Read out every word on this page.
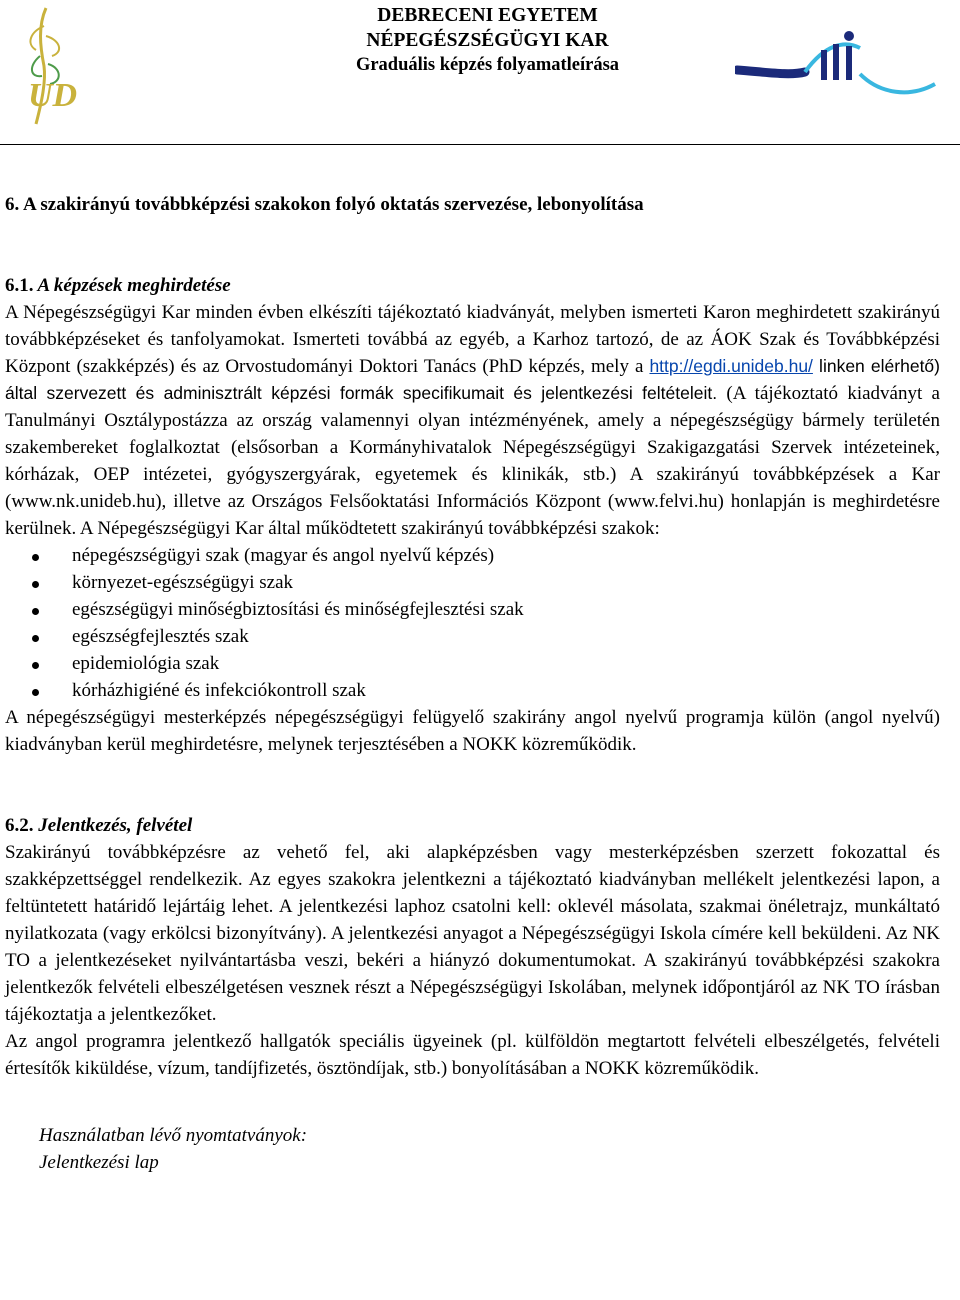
UD
DEBRECENI EGYETEM
NÉPEGÉSZSÉGÜGYI KAR
Graduális képzés folyamatleírása

6. A szakirányú továbbképzési szakokon folyó oktatás szervezése, lebonyolítása

6.1. A képzések meghirdetése

A Népegészségügyi Kar minden évben elkészíti tájékoztató kiadványát, melyben ismerteti Karon meghirdetett szakirányú továbbképzéseket és tanfolyamokat. Ismerteti továbbá az egyéb, a Karhoz tartozó, de az ÁOK Szak és Továbbképzési Központ (szakképzés) és az Orvostudományi Doktori Tanács (PhD képzés, mely a http://egdi.unideb.hu/ linken elérhető) által szervezett és adminisztrált képzési formák specifikumait és jelentkezési feltételeit. (A tájékoztató kiadványt a Tanulmányi Osztálypostázza az ország valamennyi olyan intézményének, amely a népegészségügy bármely területén szakembereket foglalkoztat (elsősorban a Kormányhivatalok Népegészségügyi Szakigazgatási Szervek intézeteinek, kórházak, OEP intézetei, gyógyszergyárak, egyetemek és klinikák, stb.) A szakirányú továbbképzések a Kar (www.nk.unideb.hu), illetve az Országos Felsőoktatási Információs Központ (www.felvi.hu) honlapján is meghirdetésre kerülnek. A Népegészségügyi Kar által működtetett szakirányú továbbképzési szakok:

népegészségügyi szak (magyar és angol nyelvű képzés)
környezet-egészségügyi szak
egészségügyi minőségbiztosítási és minőségfejlesztési szak
egészségfejlesztés szak
epidemiológia szak
kórházhigiéné és infekciókontroll szak

A népegészségügyi mesterképzés népegészségügyi felügyelő szakirány angol nyelvű programja külön (angol nyelvű) kiadványban kerül meghirdetésre, melynek terjesztésében a NOKK közreműködik.

6.2. Jelentkezés, felvétel

Szakirányú továbbképzésre az vehető fel, aki alapképzésben vagy mesterképzésben szerzett fokozattal és szakképzettséggel rendelkezik. Az egyes szakokra jelentkezni a tájékoztató kiadványban mellékelt jelentkezési lapon, a feltüntetett határidő lejártáig lehet. A jelentkezési laphoz csatolni kell: oklevél másolata, szakmai önéletrajz, munkáltató nyilatkozata (vagy erkölcsi bizonyítvány). A jelentkezési anyagot a Népegészségügyi Iskola címére kell beküldeni. Az NK TO a jelentkezéseket nyilvántartásba veszi, bekéri a hiányzó dokumentumokat. A szakirányú továbbképzési szakokra jelentkezők felvételi elbeszélgetésen vesznek részt a Népegészségügyi Iskolában, melynek időpontjáról az NK TO írásban tájékoztatja a jelentkezőket.

Az angol programra jelentkező hallgatók speciális ügyeinek (pl. külföldön megtartott felvételi elbeszélgetés, felvételi értesítők kiküldése, vízum, tandíjfizetés, ösztöndíjak, stb.) bonyolításában a NOKK közreműködik.

Használatban lévő nyomtatványok:
Jelentkezési lap
